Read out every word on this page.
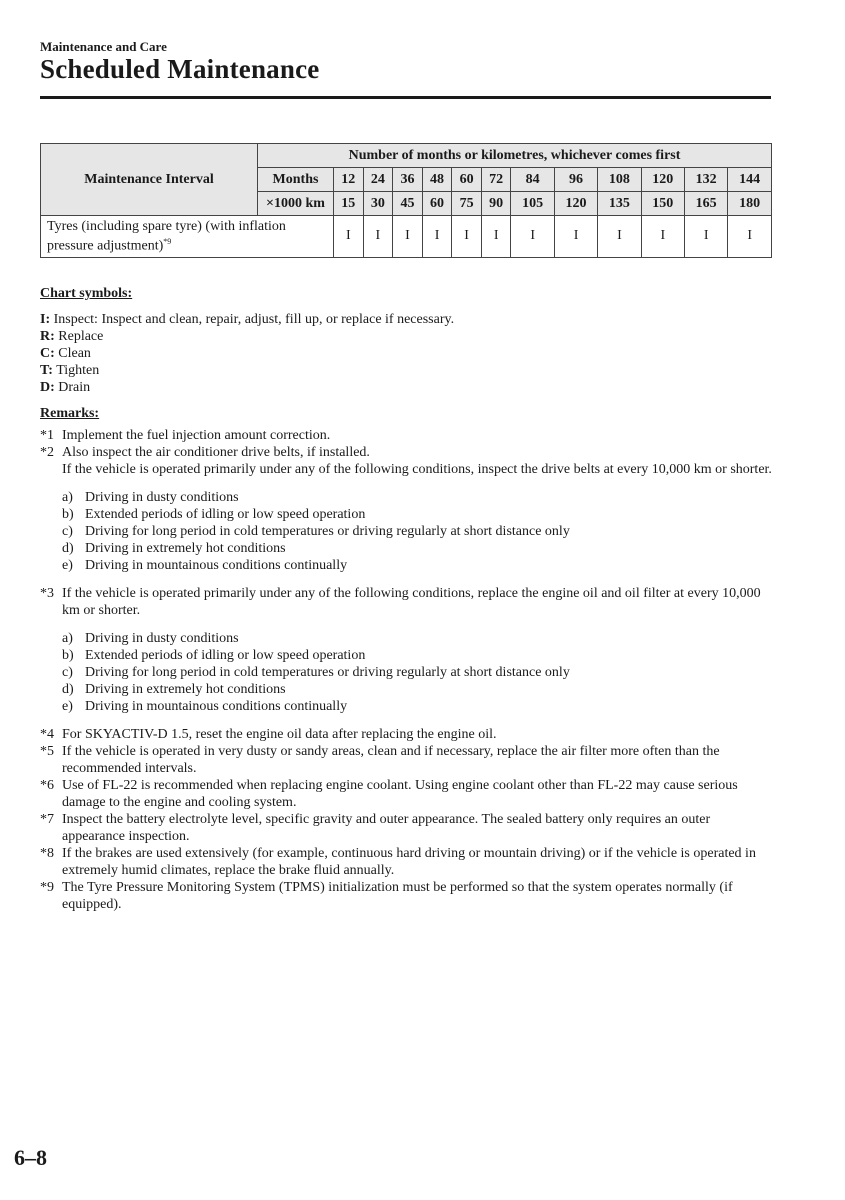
Maintenance and Care
Scheduled Maintenance
Maintenance Interval	Number of months or kilometres, whichever comes first												
	Months	12	24	36	48	60	72	84	96	108	120	132	144
	×1000 km	15	30	45	60	75	90	105	120	135	150	165	180
Tyres (including spare tyre) (with inflation pressure adjustment)$^{*9}$		I	I	I	I	I	I	I	I	I	I	I	I
Chart symbols:
I: Inspect: Inspect and clean, repair, adjust, fill up, or replace if necessary.
R: Replace
C: Clean
T: Tighten
D: Drain
Remarks:
*1 Implement the fuel injection amount correction.
*2 Also inspect the air conditioner drive belts, if installed.
If the vehicle is operated primarily under any of the following conditions, inspect the drive belts at every 10,000 km or shorter.
a) Driving in dusty conditions
b) Extended periods of idling or low speed operation
c) Driving for long period in cold temperatures or driving regularly at short distance only
d) Driving in extremely hot conditions
e) Driving in mountainous conditions continually
*3 If the vehicle is operated primarily under any of the following conditions, replace the engine oil and oil filter at every 10,000 km or shorter.
a) Driving in dusty conditions
b) Extended periods of idling or low speed operation
c) Driving for long period in cold temperatures or driving regularly at short distance only
d) Driving in extremely hot conditions
e) Driving in mountainous conditions continually
*4 For SKYACTIV-D 1.5, reset the engine oil data after replacing the engine oil.
*5 If the vehicle is operated in very dusty or sandy areas, clean and if necessary, replace the air filter more often than the recommended intervals.
*6 Use of FL-22 is recommended when replacing engine coolant. Using engine coolant other than FL-22 may cause serious damage to the engine and cooling system.
*7 Inspect the battery electrolyte level, specific gravity and outer appearance. The sealed battery only requires an outer appearance inspection.
*8 If the brakes are used extensively (for example, continuous hard driving or mountain driving) or if the vehicle is operated in extremely humid climates, replace the brake fluid annually.
*9 The Tyre Pressure Monitoring System (TPMS) initialization must be performed so that the system operates normally (if equipped).
6–8
